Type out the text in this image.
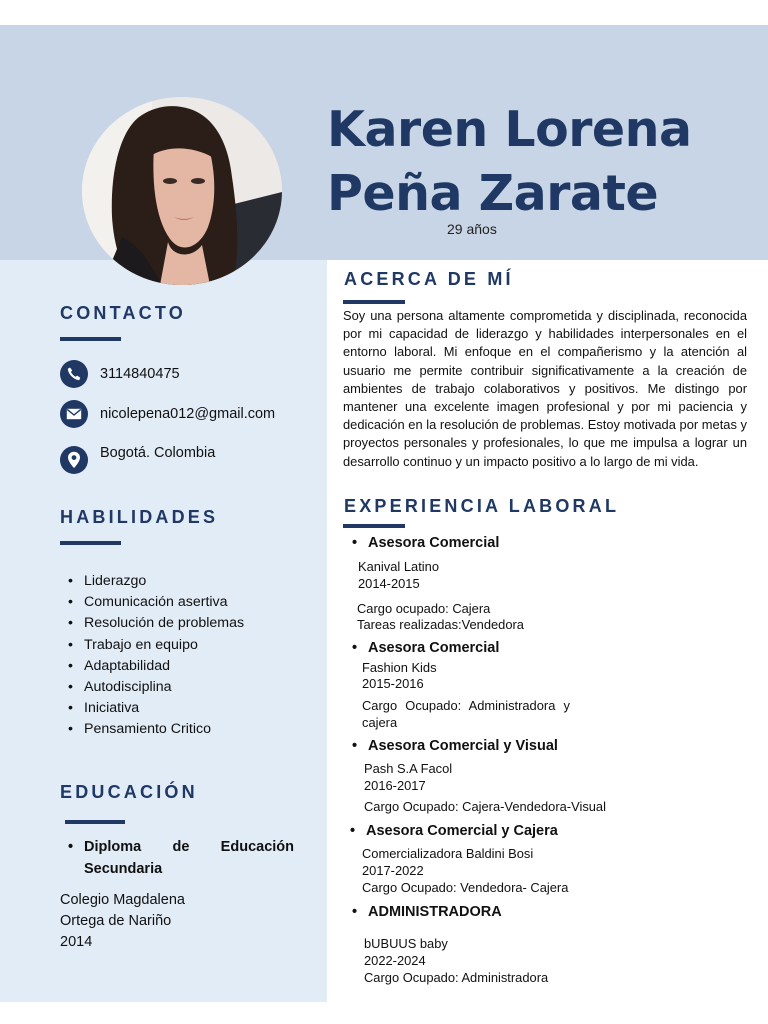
Karen Lorena
Peña Zarate
29 años
CONTACTO
3114840475
nicolepena012@gmail.com
Bogotá. Colombia
HABILIDADES
• Liderazgo
• Comunicación asertiva
• Resolución de problemas
• Trabajo en equipo
• Adaptabilidad
• Autodisciplina
• Iniciativa
• Pensamiento Critico
EDUCACIÓN
• Diploma de Educación Secundaria
Colegio Magdalena
Ortega de Nariño
2014
ACERCA DE MÍ
Soy una persona altamente comprometida y disciplinada, reconocida por mi capacidad de liderazgo y habilidades interpersonales en el entorno laboral. Mi enfoque en el compañerismo y la atención al usuario me permite contribuir significativamente a la creación de ambientes de trabajo colaborativos y positivos. Me distingo por mantener una excelente imagen profesional y por mi paciencia y dedicación en la resolución de problemas. Estoy motivada por metas y proyectos personales y profesionales, lo que me impulsa a lograr un desarrollo continuo y un impacto positivo a lo largo de mi vida.
EXPERIENCIA LABORAL
• Asesora Comercial
Kanival Latino
2014-2015
Cargo ocupado: Cajera
Tareas realizadas:Vendedora
• Asesora Comercial
Fashion Kids
2015-2016
Cargo Ocupado: Administradora y cajera
• Asesora Comercial y Visual
Pash S.A Facol
2016-2017
Cargo Ocupado: Cajera-Vendedora-Visual
• Asesora Comercial y Cajera
Comercializadora Baldini Bosi
2017-2022
Cargo Ocupado: Vendedora- Cajera
• ADMINISTRADORA
bUBUUS baby
2022-2024
Cargo Ocupado: Administradora
